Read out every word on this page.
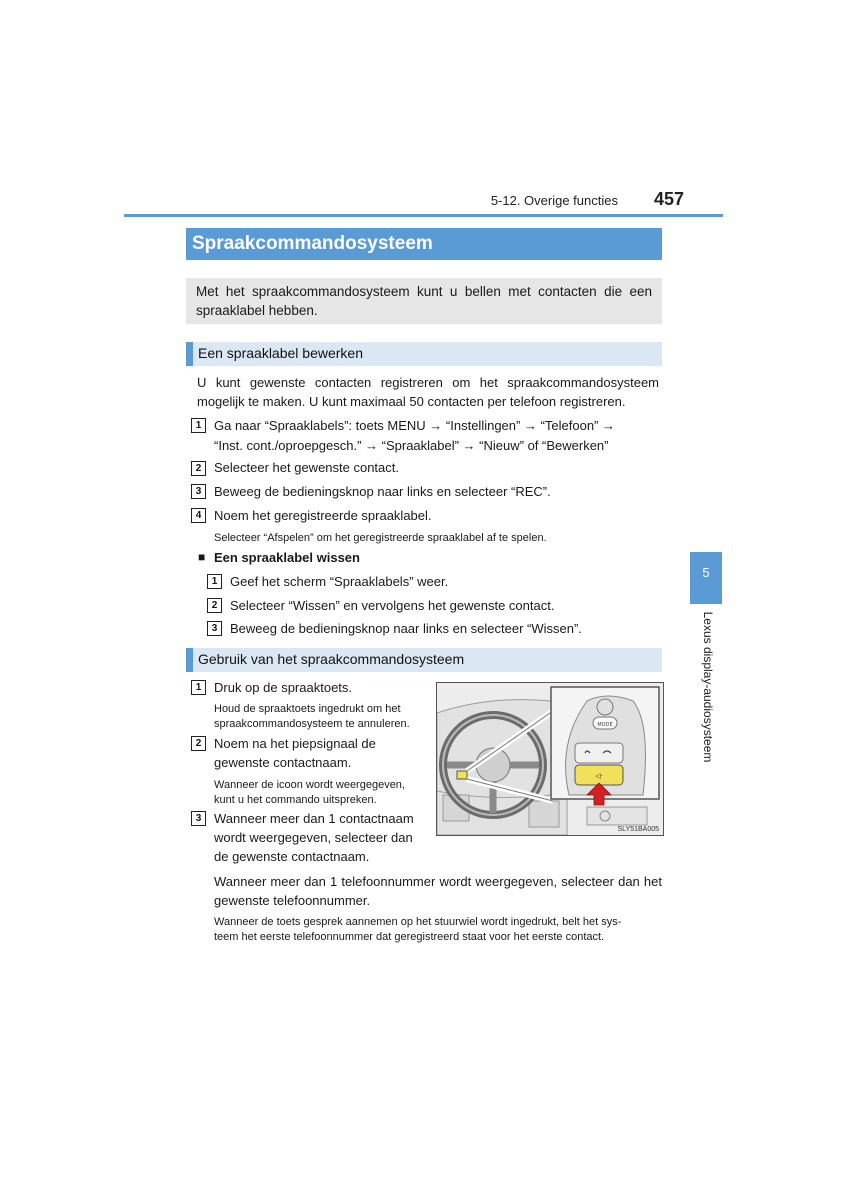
5-12. Overige functies	457
5
Lexus display-audiosysteem
Spraakcommandosysteem
Met het spraakcommandosysteem kunt u bellen met contacten die een spraaklabel hebben.
Een spraaklabel bewerken
U kunt gewenste contacten registreren om het spraakcommandosysteem
mogelijk te maken. U kunt maximaal 50 contacten per telefoon registreren.
1 Ga naar “Spraaklabels”: toets MENU → “Instellingen” → “Telefoon” →
“Inst. cont./oproepgesch.” → “Spraaklabel” → “Nieuw” of “Bewerken”
2 Selecteer het gewenste contact.
3 Beweeg de bedieningsknop naar links en selecteer “REC”.
4 Noem het geregistreerde spraaklabel.
Selecteer “Afspelen” om het geregistreerde spraaklabel af te spelen.
■ Een spraaklabel wissen
1 Geef het scherm “Spraaklabels” weer.
2 Selecteer “Wissen” en vervolgens het gewenste contact.
3 Beweeg de bedieningsknop naar links en selecteer “Wissen”.
Gebruik van het spraakcommandosysteem
1 Druk op de spraaktoets.
Houd de spraaktoets ingedrukt om het
spraakcommandosysteem te annuleren.
2 Noem na het piepsignaal de
gewenste contactnaam.
Wanneer de icoon wordt weergegeven,
kunt u het commando uitspreken.
3 Wanneer meer dan 1 contactnaam
wordt weergegeven, selecteer dan
de gewenste contactnaam.
Wanneer meer dan 1 telefoonnummer wordt weergegeven, selecteer dan het
gewenste telefoonnummer.
Wanneer de toets gesprek aannemen op het stuurwiel wordt ingedrukt, belt het sys-
teem het eerste telefoonnummer dat geregistreerd staat voor het eerste contact.
MODE
◁·
SLY51BA005
